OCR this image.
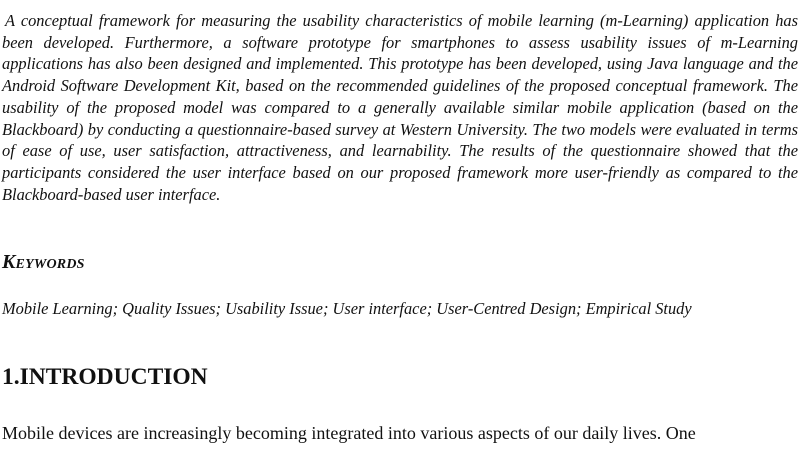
A conceptual framework for measuring the usability characteristics of mobile learning (m-Learning) application has been developed. Furthermore, a software prototype for smartphones to assess usability issues of m-Learning applications has also been designed and implemented. This prototype has been developed, using Java language and the Android Software Development Kit, based on the recommended guidelines of the proposed conceptual framework. The usability of the proposed model was compared to a generally available similar mobile application (based on the Blackboard) by conducting a questionnaire-based survey at Western University. The two models were evaluated in terms of ease of use, user satisfaction, attractiveness, and learnability. The results of the questionnaire showed that the participants considered the user interface based on our proposed framework more user-friendly as compared to the Blackboard-based user interface.

Keywords

Mobile Learning; Quality Issues; Usability Issue; User interface; User-Centred Design; Empirical Study

1.INTRODUCTION

Mobile devices are increasingly becoming integrated into various aspects of our daily lives. One
